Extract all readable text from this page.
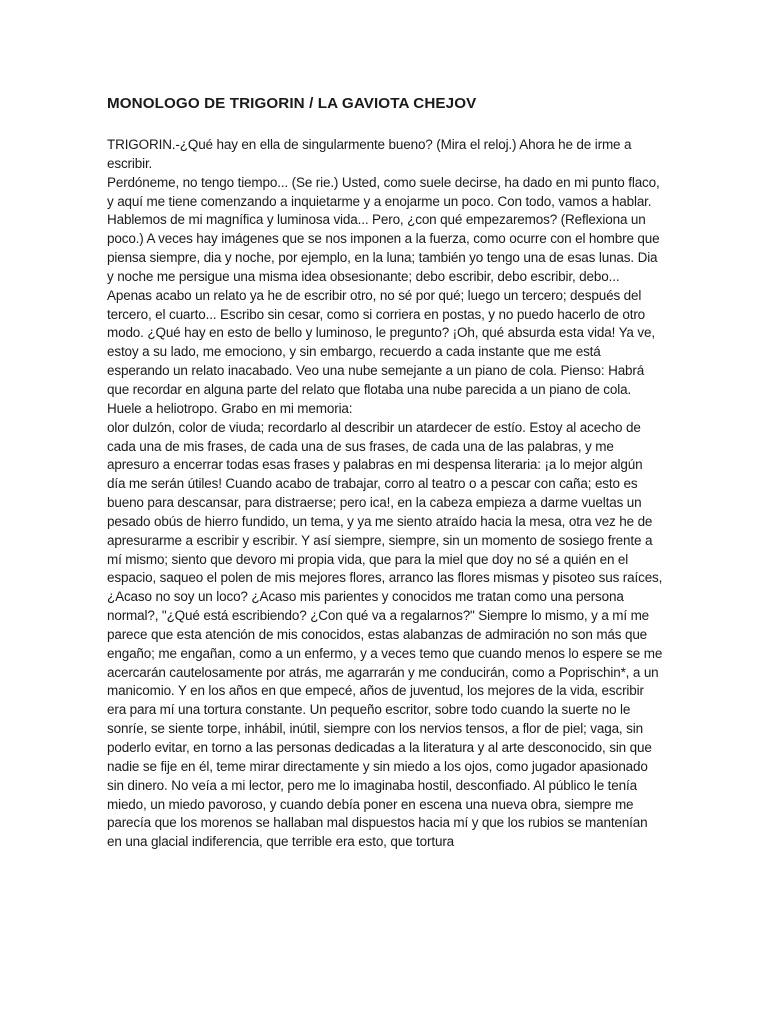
MONOLOGO DE TRIGORIN / LA GAVIOTA CHEJOV

TRIGORIN.-¿Qué hay en ella de singularmente bueno? (Mira el reloj.) Ahora he de irme a escribir.

Perdóneme, no tengo tiempo... (Se rie.) Usted, como suele decirse, ha dado en mi punto flaco, y aquí me tiene comenzando a inquietarme y a enojarme un poco. Con todo, vamos a hablar. Hablemos de mi magnífica y luminosa vida... Pero, ¿con qué empezaremos? (Reflexiona un poco.) A veces hay imágenes que se nos imponen a la fuerza, como ocurre con el hombre que piensa siempre, dia y noche, por ejemplo, en la luna; también yo tengo una de esas lunas. Dia y noche me persigue una misma idea obsesionante; debo escribir, debo escribir, debo...

Apenas acabo un relato ya he de escribir otro, no sé por qué; luego un tercero; después del tercero, el cuarto... Escribo sin cesar, como si corriera en postas, y no puedo hacerlo de otro modo. ¿Qué hay en esto de bello y luminoso, le pregunto? ¡Oh, qué absurda esta vida! Ya ve, estoy a su lado, me emociono, y sin embargo, recuerdo a cada instante que me está esperando un relato inacabado. Veo una nube semejante a un piano de cola. Pienso: Habrá que recordar en alguna parte del relato que flotaba una nube parecida a un piano de cola. Huele a heliotropo. Grabo en mi memoria:

olor dulzón, color de viuda; recordarlo al describir un atardecer de estío. Estoy al acecho de cada una de mis frases, de cada una de sus frases, de cada una de las palabras, y me apresuro a encerrar todas esas frases y palabras en mi despensa literaria: ¡a lo mejor algún día me serán útiles! Cuando acabo de trabajar, corro al teatro o a pescar con caña; esto es bueno para descansar, para distraerse; pero ica!, en la cabeza empieza a darme vueltas un pesado obús de hierro fundido, un tema, y ya me siento atraído hacia la mesa, otra vez he de apresurarme a escribir y escribir. Y así siempre, siempre, sin un momento de sosiego frente a mí mismo; siento que devoro mi propia vida, que para la miel que doy no sé a quién en el espacio, saqueo el polen de mis mejores flores, arranco las flores mismas y pisoteo sus raíces, ¿Acaso no soy un loco? ¿Acaso mis parientes y conocidos me tratan como una persona normal?, "¿Qué está escribiendo? ¿Con qué va a regalarnos?" Siempre lo mismo, y a mí me parece que esta atención de mis conocidos, estas alabanzas de admiración no son más que engaño; me engañan, como a un enfermo, y a veces temo que cuando menos lo espere se me acercarán cautelosamente por atrás, me agarrarán y me conducirán, como a Poprischin*, a un manicomio. Y en los años en que empecé, años de juventud, los mejores de la vida, escribir era para mí una tortura constante. Un pequeño escritor, sobre todo cuando la suerte no le sonríe, se siente torpe, inhábil, inútil, siempre con los nervios tensos, a flor de piel; vaga, sin poderlo evitar, en torno a las personas dedicadas a la literatura y al arte desconocido, sin que nadie se fije en él, teme mirar directamente y sin miedo a los ojos, como jugador apasionado sin dinero. No veía a mi lector, pero me lo imaginaba hostil, desconfiado. Al público le tenía miedo, un miedo pavoroso, y cuando debía poner en escena una nueva obra, siempre me parecía que los morenos se hallaban mal dispuestos hacia mí y que los rubios se mantenían en una glacial indiferencia, que terrible era esto, que tortura
